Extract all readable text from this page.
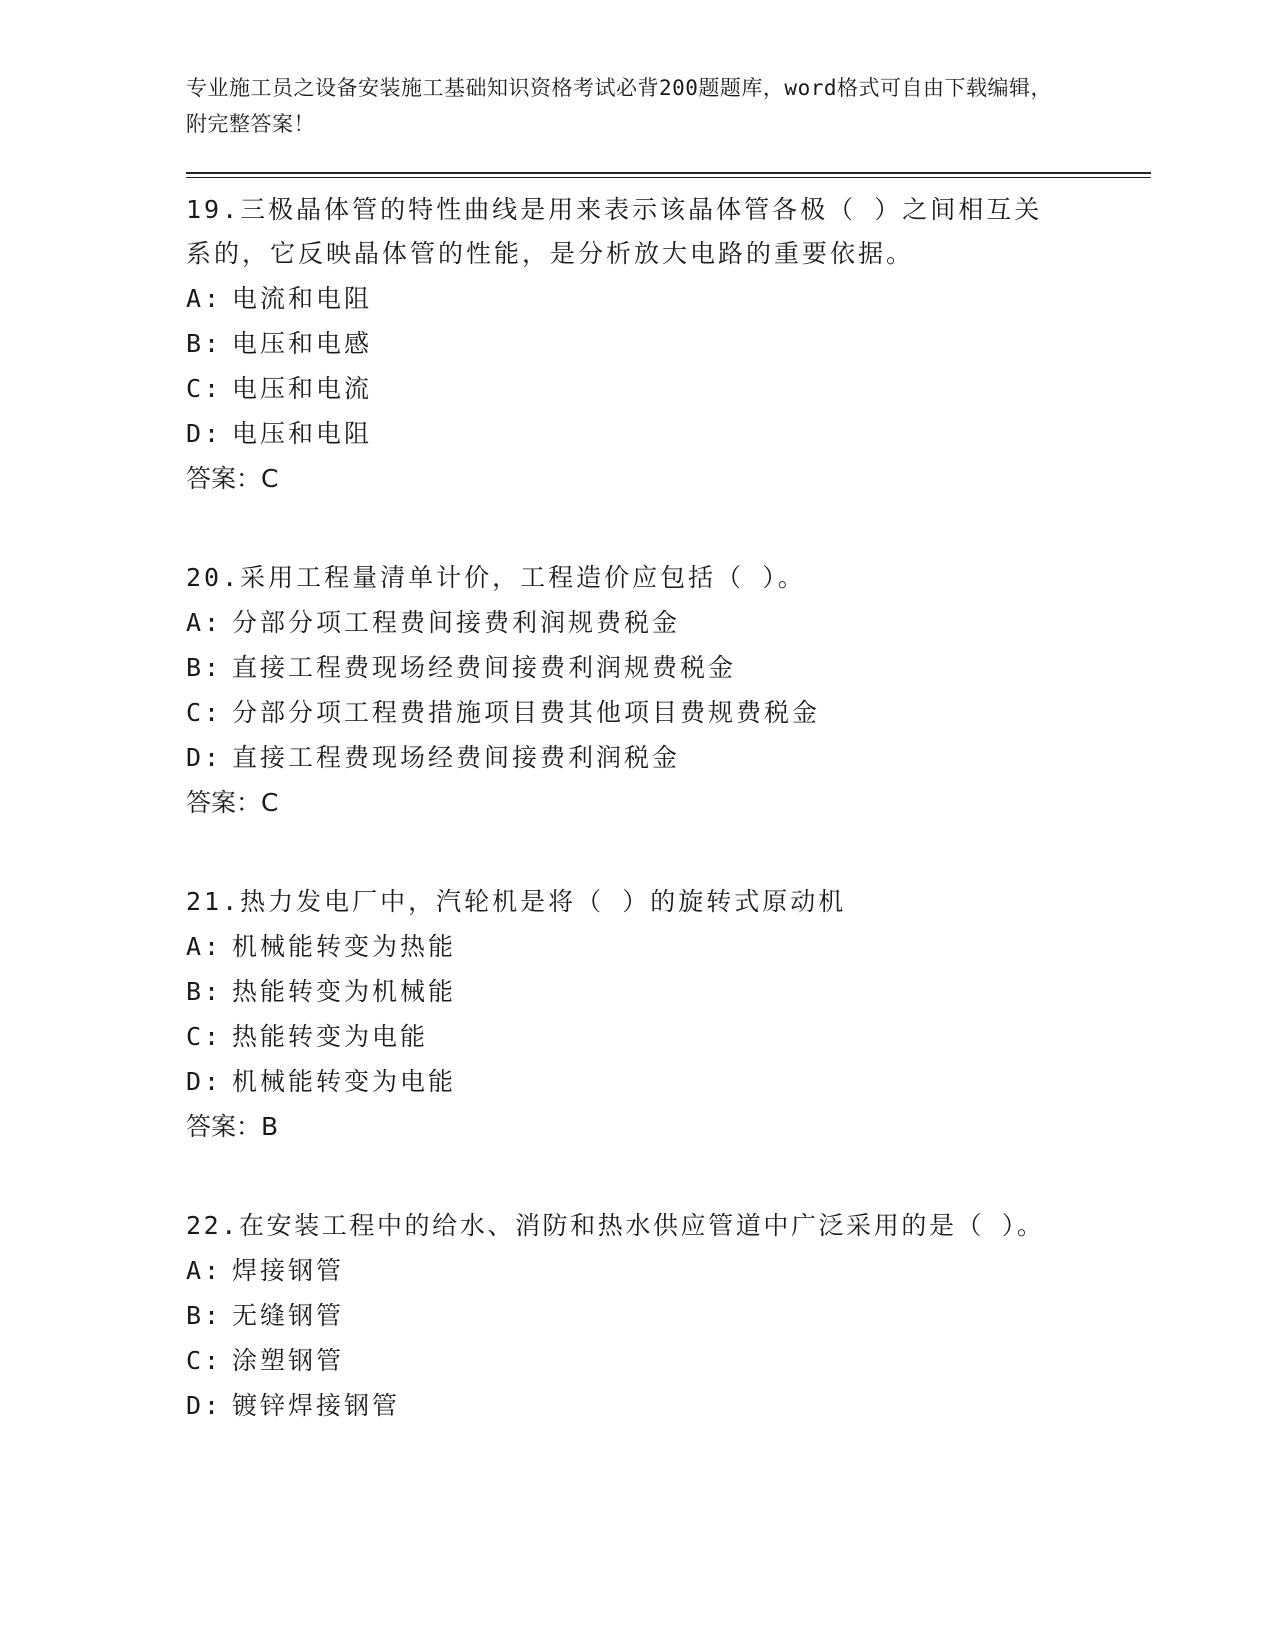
专业施工员之设备安装施工基础知识资格考试必背200题题库，word格式可自由下载编辑，附完整答案！
19.三极晶体管的特性曲线是用来表示该晶体管各极（ ）之间相互关系的，它反映晶体管的性能，是分析放大电路的重要依据。
A: 电流和电阻
B: 电压和电感
C: 电压和电流
D: 电压和电阻
答案：C
20.采用工程量清单计价，工程造价应包括（ ）。
A: 分部分项工程费间接费利润规费税金
B: 直接工程费现场经费间接费利润规费税金
C: 分部分项工程费措施项目费其他项目费规费税金
D: 直接工程费现场经费间接费利润税金
答案：C
21.热力发电厂中，汽轮机是将（ ）的旋转式原动机
A: 机械能转变为热能
B: 热能转变为机械能
C: 热能转变为电能
D: 机械能转变为电能
答案：B
22.在安装工程中的给水、消防和热水供应管道中广泛采用的是（ ）。
A: 焊接钢管
B: 无缝钢管
C: 涂塑钢管
D: 镀锌焊接钢管
